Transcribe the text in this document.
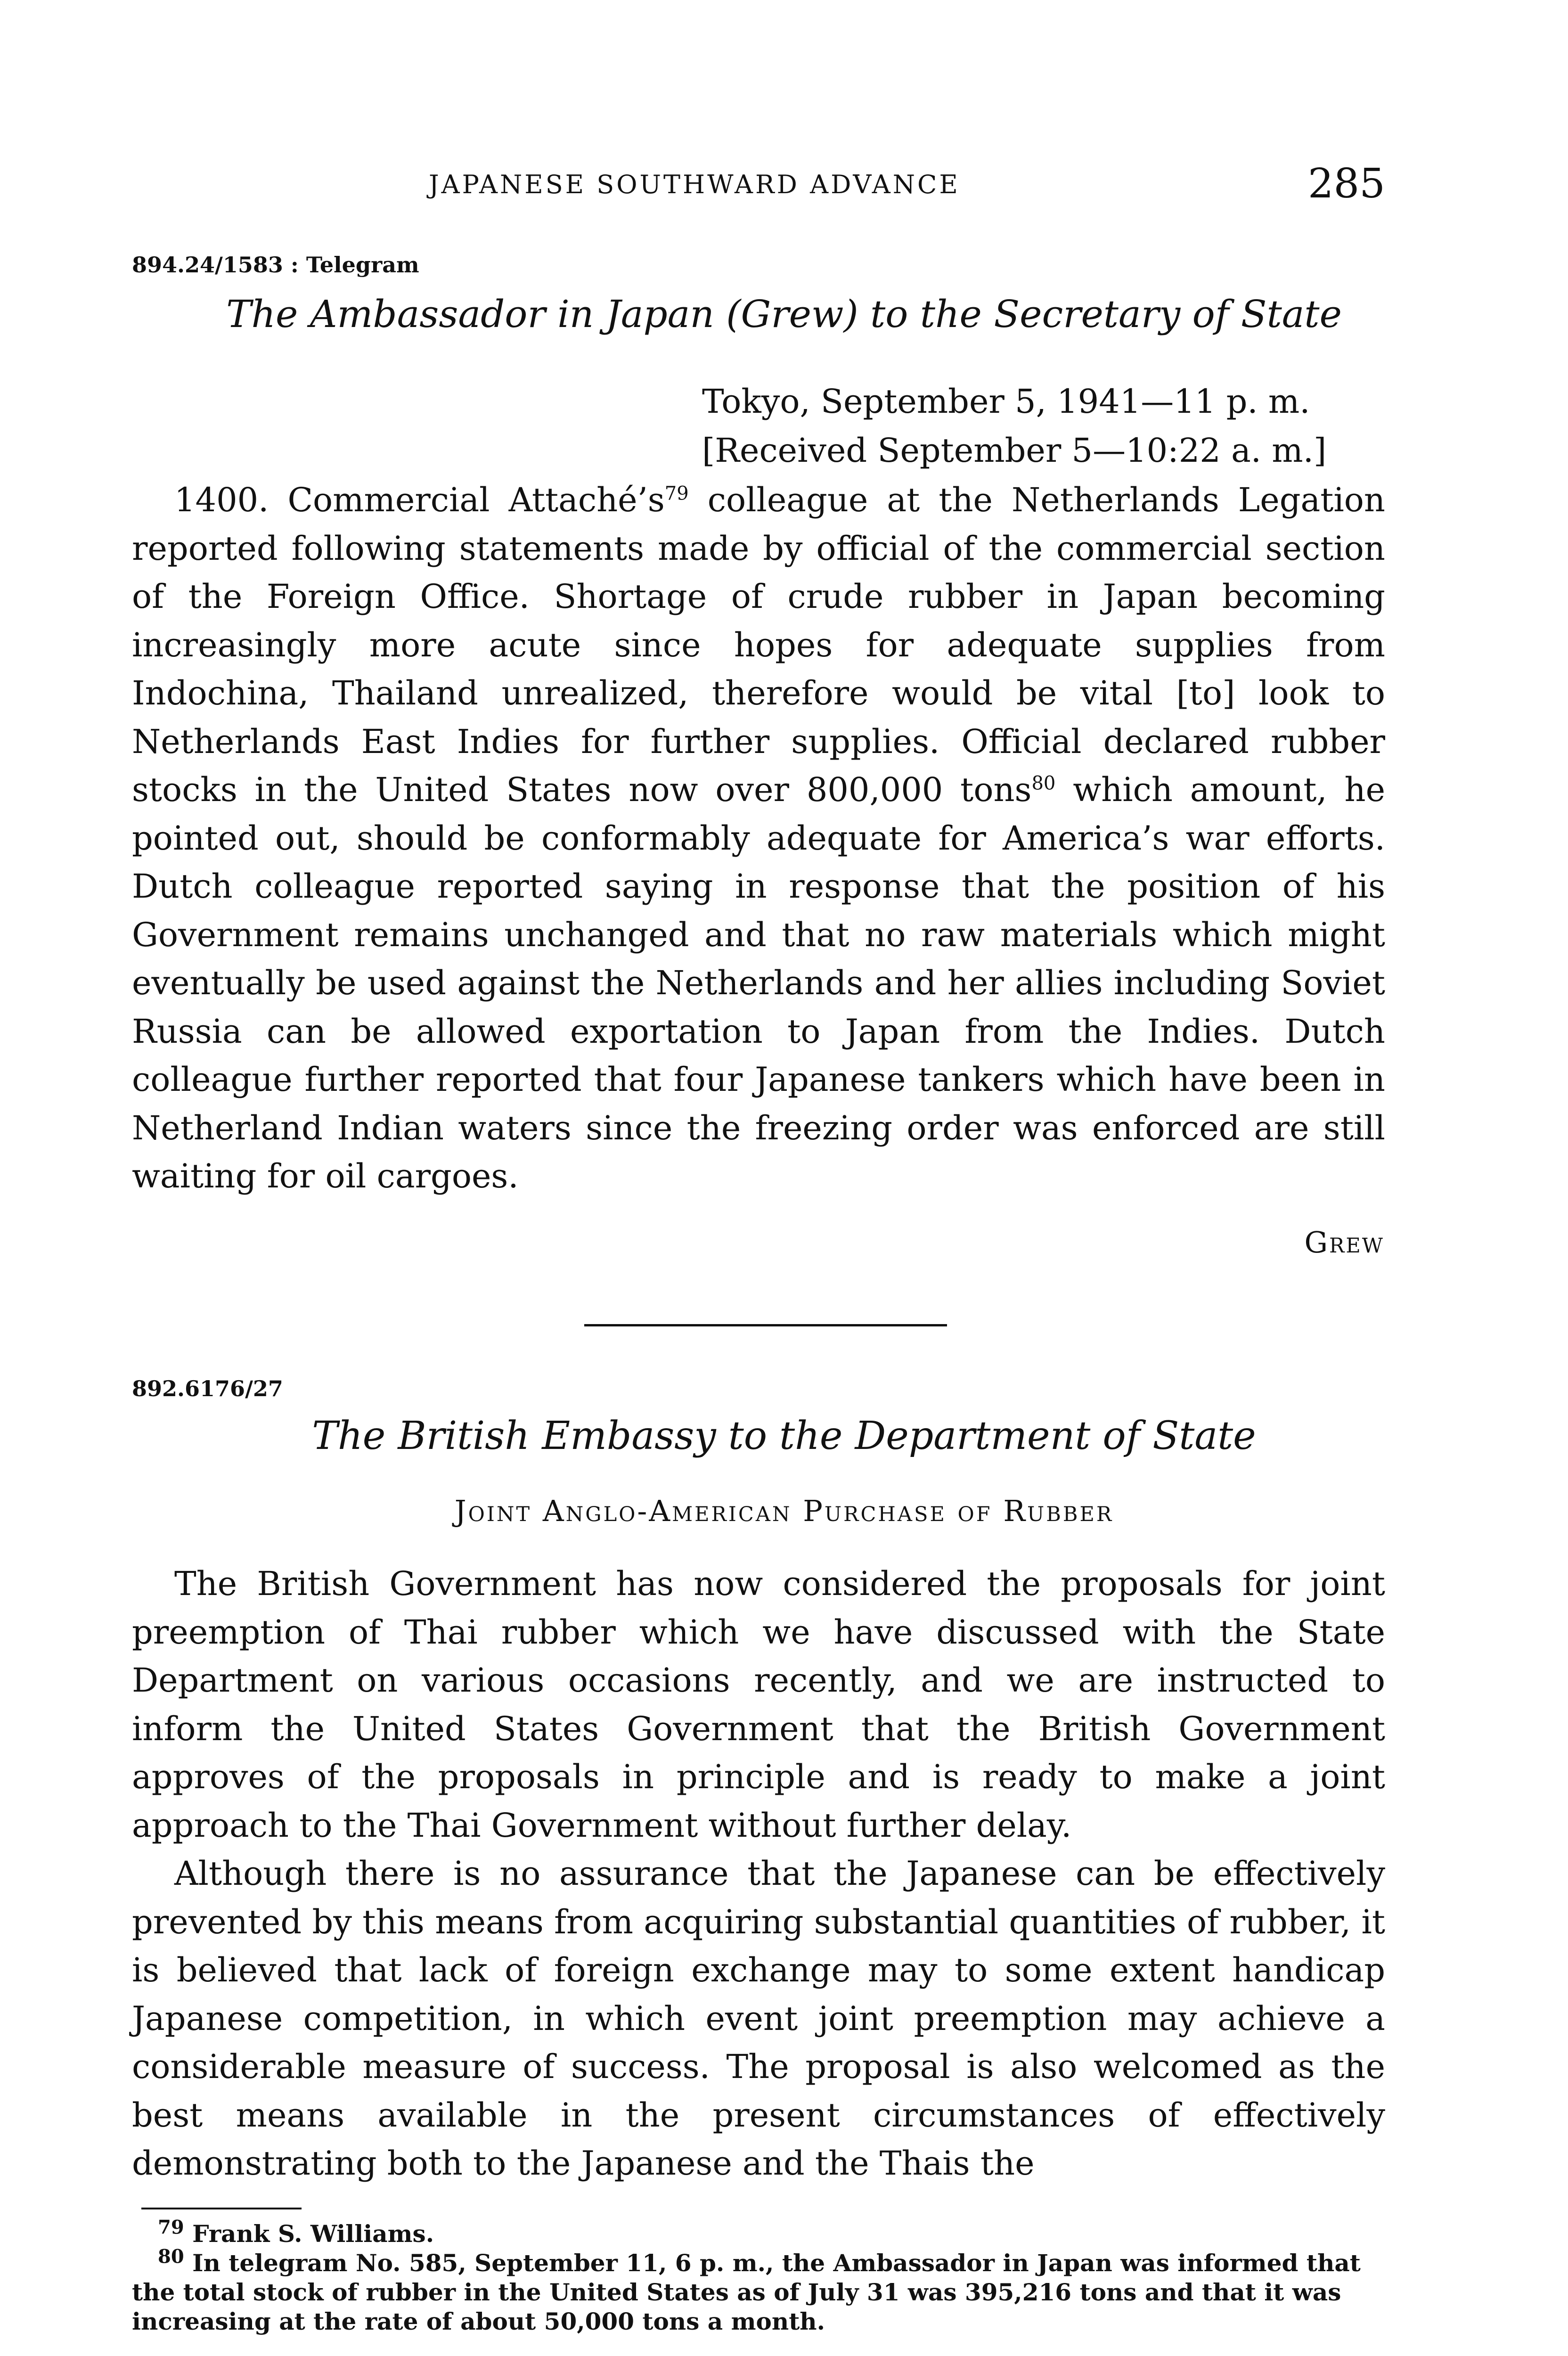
JAPANESE SOUTHWARD ADVANCE	285
894.24/1583 : Telegram
The Ambassador in Japan (Grew) to the Secretary of State
Tokyo, September 5, 1941—11 p. m.
[Received September 5—10:22 a. m.]

1400. Commercial $Attaché’s^{79}$ colleague at the Netherlands Legation reported following statements made by official of the commercial section of the Foreign Office. Shortage of crude rubber in Japan becoming increasingly more acute since hopes for adequate supplies from Indochina, Thailand unrealized, therefore would be vital [to] look to Netherlands East Indies for further supplies. Official declared rubber stocks in the United States now over 800,000 tons$^{80}$ which amount, he pointed out, should be conformably adequate for America’s war efforts. Dutch colleague reported saying in response that the position of his Government remains unchanged and that no raw materials which might eventually be used against the Netherlands and her allies including Soviet Russia can be allowed exportation to Japan from the Indies. Dutch colleague further reported that four Japanese tankers which have been in Netherland Indian waters since the freezing order was enforced are still waiting for oil cargoes.

Grew
892.6176/27
The British Embassy to the Department of State
Joint Anglo-American Purchase of Rubber

The British Government has now considered the proposals for joint preemption of Thai rubber which we have discussed with the State Department on various occasions recently, and we are instructed to inform the United States Government that the British Government approves of the proposals in principle and is ready to make a joint approach to the Thai Government without further delay.

Although there is no assurance that the Japanese can be effectively prevented by this means from acquiring substantial quantities of rubber, it is believed that lack of foreign exchange may to some extent handicap Japanese competition, in which event joint preemption may achieve a considerable measure of success. The proposal is also welcomed as the best means available in the present circumstances of effectively demonstrating both to the Japanese and the Thais the

$^{79}$ Frank S. Williams.

$^{80}$ In telegram No. 585, September 11, 6 p. m., the Ambassador in Japan was informed that the total stock of rubber in the United States as of July 31 was 395,216 tons and that it was increasing at the rate of about 50,000 tons a month.
